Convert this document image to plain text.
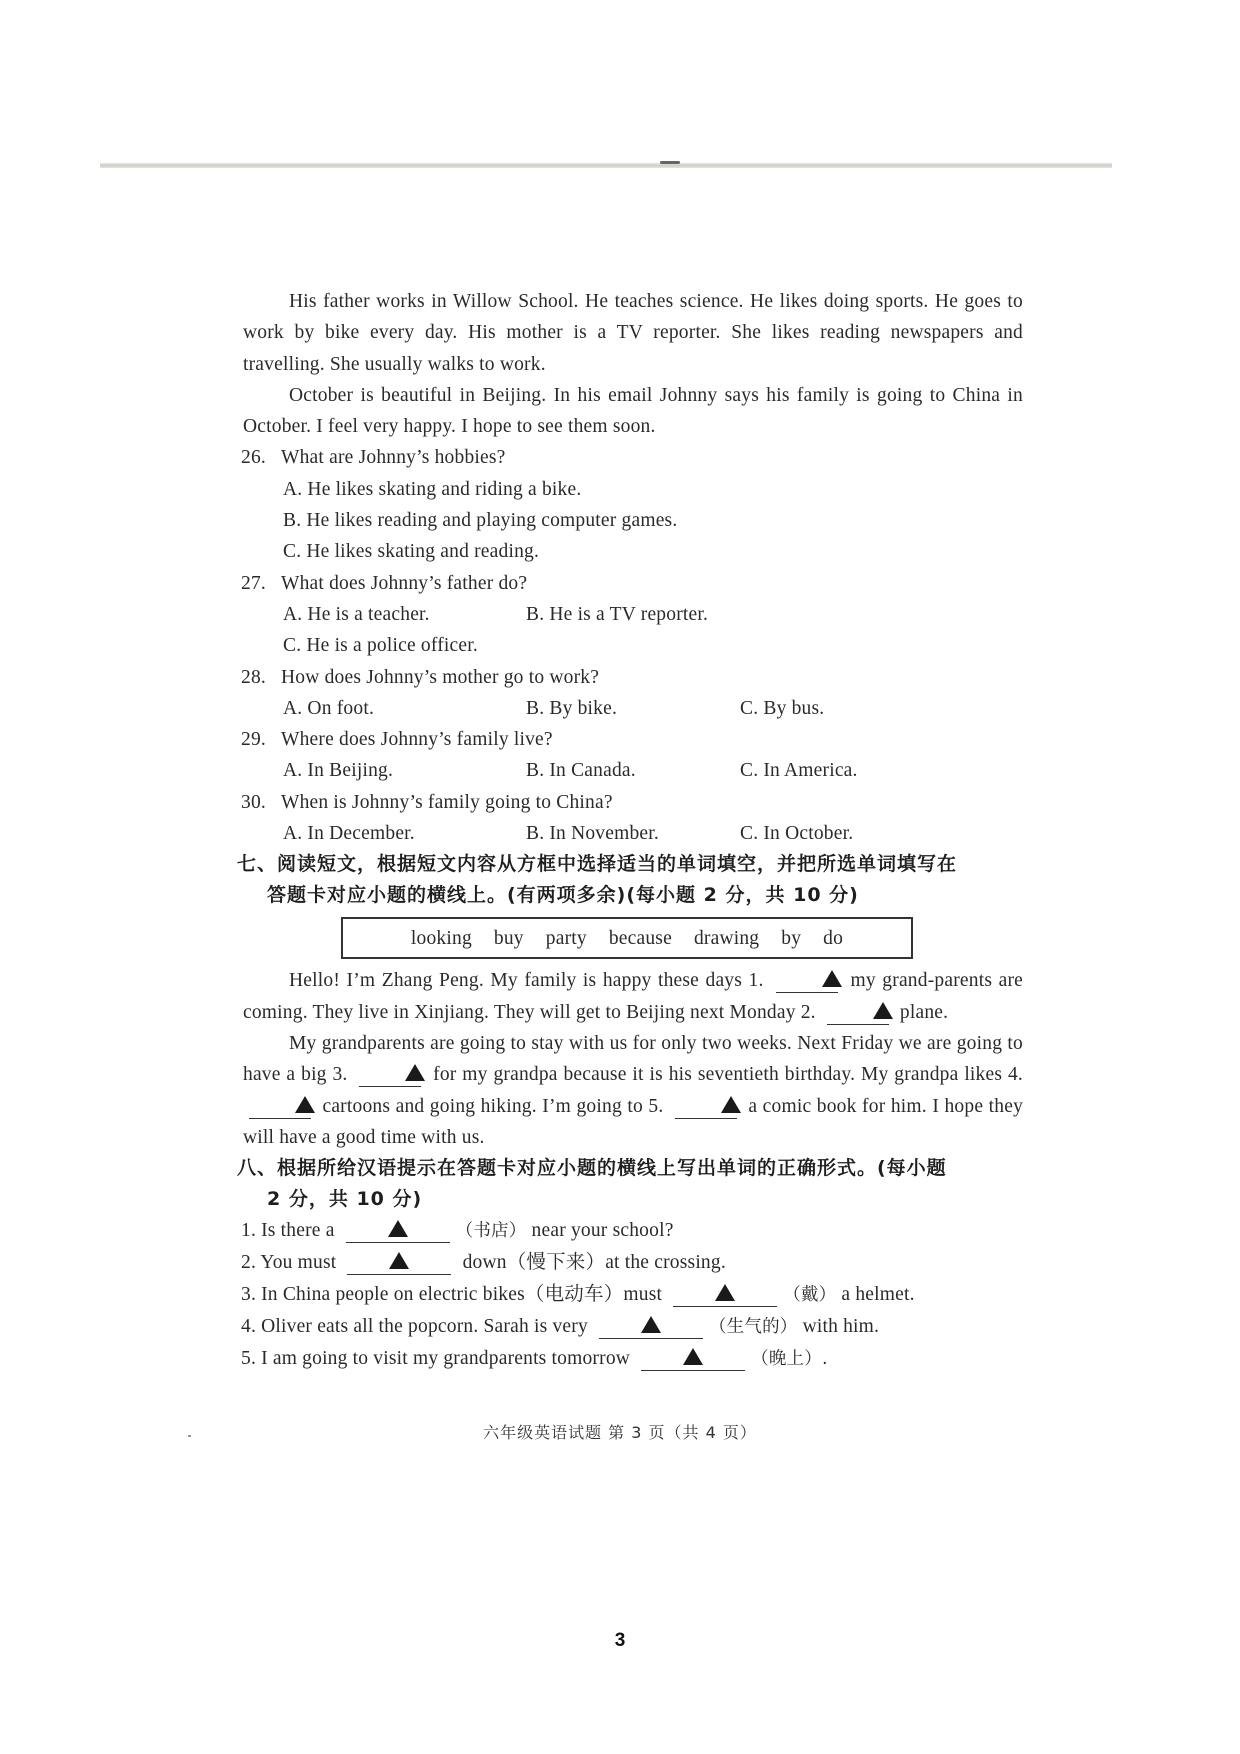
His father works in Willow School. He teaches science. He likes doing sports. He goes to work by bike every day. His mother is a TV reporter. She likes reading newspapers and travelling. She usually walks to work.
October is beautiful in Beijing. In his email Johnny says his family is going to China in October. I feel very happy. I hope to see them soon.
26. What are Johnny’s hobbies?
A. He likes skating and riding a bike.
B. He likes reading and playing computer games.
C. He likes skating and reading.
27. What does Johnny’s father do?
A. He is a teacher.	B. He is a TV reporter.
C. He is a police officer.
28. How does Johnny’s mother go to work?
A. On foot.	B. By bike.	C. By bus.
29. Where does Johnny’s family live?
A. In Beijing.	B. In Canada.	C. In America.
30. When is Johnny’s family going to China?
A. In December.	B. In November.	C. In October.
七、阅读短文，根据短文内容从方框中选择适当的单词填空，并把所选单词填写在
答题卡对应小题的横线上。(有两项多余)(每小题 2 分，共 10 分)
looking buy party because drawing by do
Hello! I’m Zhang Peng. My family is happy these days 1.	my grand-parents are coming. They live in Xinjiang. They will get to Beijing next Monday 2.	plane.
My grandparents are going to stay with us for only two weeks. Next Friday we are going to have a big 3.	for my grandpa because it is his seventieth birthday. My grandpa likes 4.  cartoons and going hiking. I’m going to 5.	a comic book for him. I hope they will have a good time with us.
八、根据所给汉语提示在答题卡对应小题的横线上写出单词的正确形式。(每小题
2 分，共 10 分)
1. Is there a	（书店） near your school?
2. You must	down（慢下来）at the crossing.
3. In China people on electric bikes（电动车）must	（戴） a helmet.
4. Oliver eats all the popcorn. Sarah is very	（生气的） with him.
5. I am going to visit my grandparents tomorrow	（晚上）.
六年级英语试题 第 3 页（共 4 页）
3
